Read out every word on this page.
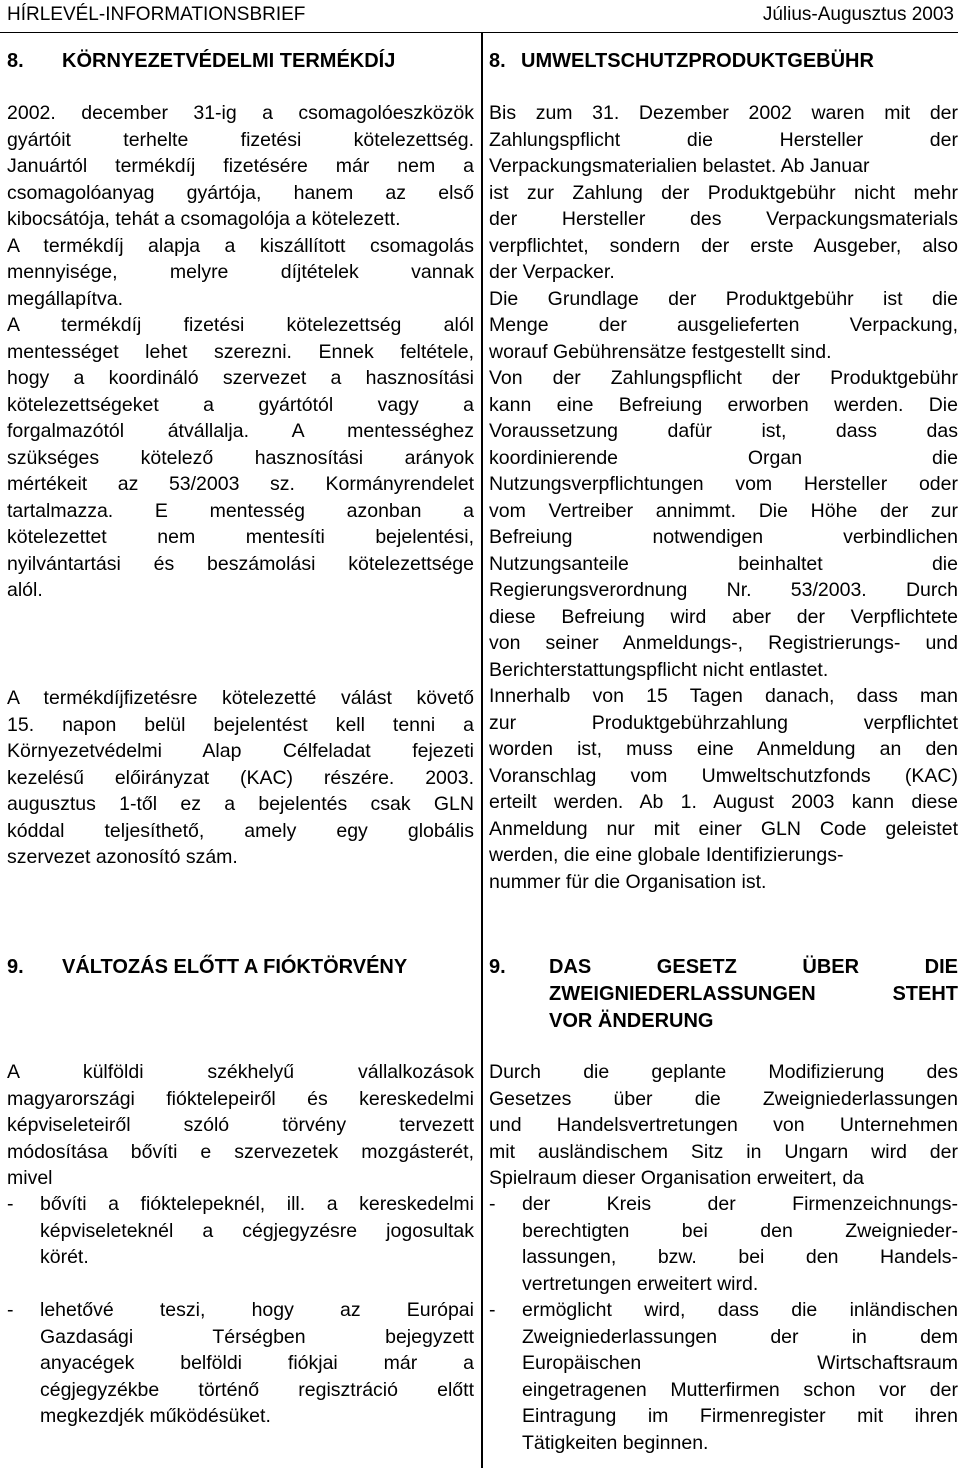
HÍRLEVÉL-INFORMATIONSBRIEF	Július-Augusztus 2003
8. KÖRNYEZETVÉDELMI TERMÉKDÍJ
2002. december 31-ig a csomagolóeszközök
gyártóit terhelte fizetési kötelezettség.
Januártól termékdíj fizetésére már nem a
csomagolóanyag gyártója, hanem az első
kibocsátója, tehát a csomagolója a kötelezett.
A termékdíj alapja a kiszállított csomagolás
mennyisége, melyre díjtételek vannak
megállapítva.
A termékdíj fizetési kötelezettség alól
mentességet lehet szerezni. Ennek feltétele,
hogy a koordináló szervezet a hasznosítási
kötelezettségeket a gyártótól vagy a
forgalmazótól átvállalja. A mentességhez
szükséges kötelező hasznosítási arányok
mértékeit az 53/2003 sz. Kormányrendelet
tartalmazza. E mentesség azonban a
kötelezettet nem mentesíti bejelentési,
nyilvántartási és beszámolási kötelezettsége
alól.
A termékdíjfizetésre kötelezetté válást követő
15. napon belül bejelentést kell tenni a
Környezetvédelmi Alap Célfeladat fejezeti
kezelésű előirányzat (KAC) részére. 2003.
augusztus 1-től ez a bejelentés csak GLN
kóddal teljesíthető, amely egy globális
szervezet azonosító szám.
8. UMWELTSCHUTZPRODUKTGEBÜHR
Bis zum 31. Dezember 2002 waren mit der
Zahlungspflicht die Hersteller der
Verpackungsmaterialien belastet. Ab Januar
ist zur Zahlung der Produktgebühr nicht mehr
der Hersteller des Verpackungsmaterials
verpflichtet, sondern der erste Ausgeber, also
der Verpacker.
Die Grundlage der Produktgebühr ist die
Menge der ausgelieferten Verpackung,
worauf Gebührensätze festgestellt sind.
Von der Zahlungspflicht der Produktgebühr
kann eine Befreiung erworben werden. Die
Voraussetzung dafür ist, dass das
koordinierende Organ die
Nutzungsverpflichtungen vom Hersteller oder
vom Vertreiber annimmt. Die Höhe der zur
Befreiung notwendigen verbindlichen
Nutzungsanteile beinhaltet die
Regierungsverordnung Nr. 53/2003. Durch
diese Befreiung wird aber der Verpflichtete
von seiner Anmeldungs-, Registrierungs- und
Berichterstattungspflicht nicht entlastet.
Innerhalb von 15 Tagen danach, dass man
zur Produktgebührzahlung verpflichtet
worden ist, muss eine Anmeldung an den
Voranschlag vom Umweltschutzfonds (KAC)
erteilt werden. Ab 1. August 2003 kann diese
Anmeldung nur mit einer GLN Code geleistet
werden, die eine globale Identifizierungs-
nummer für die Organisation ist.
9. VÁLTOZÁS ELŐTT A FIÓKTÖRVÉNY
A külföldi székhelyű vállalkozások
magyarországi fióktelepeiről és kereskedelmi
képviseleteiről szóló törvény tervezett
módosítása bővíti e szervezetek mozgásterét,
mivel
- bővíti a fióktelepeknél, ill. a kereskedelmi
képviseleteknél a cégjegyzésre jogosultak
körét.
- lehetővé teszi, hogy az Európai
Gazdasági Térségben bejegyzett
anyacégek belföldi fiókjai már a
cégjegyzékbe történő regisztráció előtt
megkezdjék működésüket.
9.	DAS GESETZ ÜBER DIE
ZWEIGNIEDERLASSUNGEN STEHT
VOR ÄNDERUNG
Durch die geplante Modifizierung des
Gesetzes über die Zweigniederlassungen
und Handelsvertretungen von Unternehmen
mit ausländischem Sitz in Ungarn wird der
Spielraum dieser Organisation erweitert, da
- der Kreis der Firmenzeichnungs-
berechtigten bei den Zweignieder-
lassungen, bzw. bei den Handels-
vertretungen erweitert wird.
- ermöglicht wird, dass die inländischen
Zweigniederlassungen der in dem
Europäischen Wirtschaftsraum
eingetragenen Mutterfirmen schon vor der
Eintragung im Firmenregister mit ihren
Tätigkeiten beginnen.
